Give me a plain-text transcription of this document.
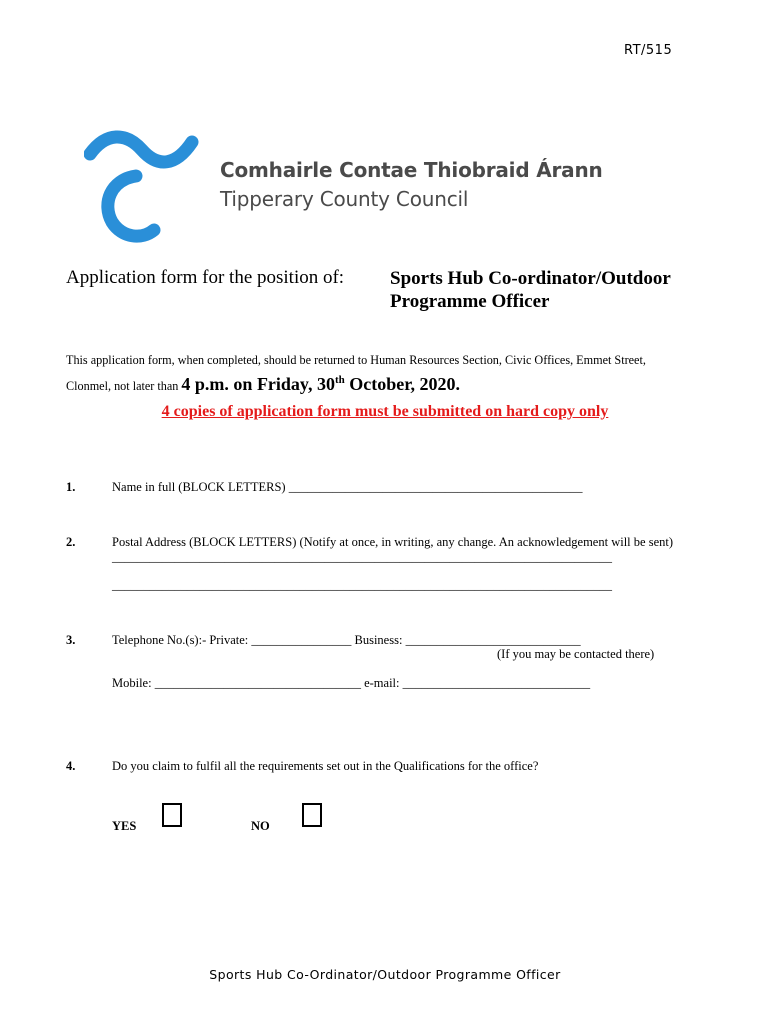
RT/515
Comhairle Contae Thiobraid Árann
Tipperary County Council
Application form for the position of: Sports Hub Co-ordinator/Outdoor
Programme Officer
This application form, when completed, should be returned to Human Resources Section, Civic Offices, Emmet Street,
Clonmel, not later than 4 p.m. on Friday, 30th October, 2020.
4 copies of application form must be submitted on hard copy only
1.	Name in full (BLOCK LETTERS) _______________________________________________
2.	Postal Address (BLOCK LETTERS) (Notify at once, in writing, any change. An acknowledgement will be sent)
________________________________________________________________________________
________________________________________________________________________________
3.	Telephone No.(s):- Private: ________________ Business: ____________________________
(If you may be contacted there)
Mobile: _________________________________ e-mail: ______________________________
4.	Do you claim to fulfil all the requirements set out in the Qualifications for the office?
YES	NO
Sports Hub Co-Ordinator/Outdoor Programme Officer
